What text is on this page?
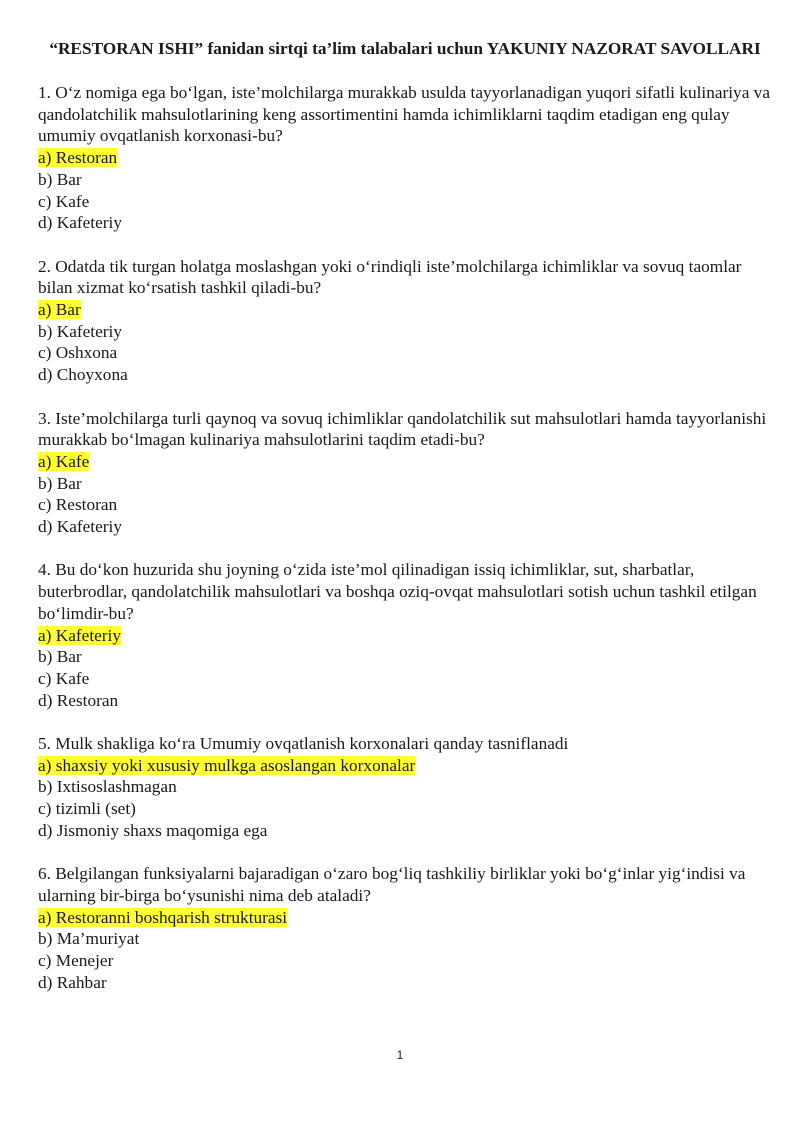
“RESTORAN ISHI” fanidan sirtqi ta’lim talabalari uchun YAKUNIY NAZORAT SAVOLLARI

1. O‘z nomiga ega bo‘lgan, iste’molchilarga murakkab usulda tayyorlanadigan yuqori sifatli kulinariya va qandolatchilik mahsulotlarining keng assortimentini hamda ichimliklarni taqdim etadigan eng qulay umumiy ovqatlanish korxonasi-bu?

a) Restoran

b) Bar

c) Kafe

d) Kafeteriy

2. Odatda tik turgan holatga moslashgan yoki o‘rindiqli iste’molchilarga ichimliklar va sovuq taomlar bilan xizmat ko‘rsatish tashkil qiladi-bu?

a) Bar

b) Kafeteriy

c) Oshxona

d) Choyxona

3. Iste’molchilarga turli qaynoq va sovuq ichimliklar qandolatchilik sut mahsulotlari hamda tayyorlanishi murakkab bo‘lmagan kulinariya mahsulotlarini taqdim etadi-bu?

a) Kafe

b) Bar

c) Restoran

d) Kafeteriy

4. Bu do‘kon huzurida shu joyning o‘zida iste’mol qilinadigan issiq ichimliklar, sut, sharbatlar, buterbrodlar, qandolatchilik mahsulotlari va boshqa oziq-ovqat mahsulotlari sotish uchun tashkil etilgan bo‘limdir-bu?

a) Kafeteriy

b) Bar

c) Kafe

d) Restoran

5. Mulk shakliga ko‘ra Umumiy ovqatlanish korxonalari qanday tasniflanadi

a) shaxsiy yoki xususiy mulkga asoslangan korxonalar

b) Ixtisoslashmagan

c) tizimli (set)

d) Jismoniy shaxs maqomiga ega

6. Belgilangan funksiyalarni bajaradigan o‘zaro bog‘liq tashkiliy birliklar yoki bo‘g‘inlar yig‘indisi va ularning bir-birga bo‘ysunishi nima deb ataladi?

a) Restoranni boshqarish strukturasi

b) Ma’muriyat

c) Menejer

d) Rahbar

1
